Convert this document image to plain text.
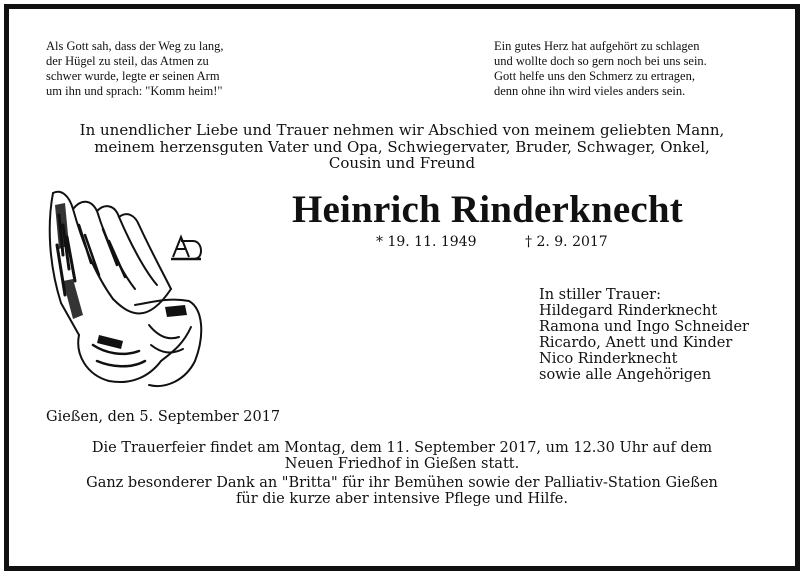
Als Gott sah, dass der Weg zu lang,
der Hügel zu steil, das Atmen zu
schwer wurde, legte er seinen Arm
um ihn und sprach: "Komm heim!"
Ein gutes Herz hat aufgehört zu schlagen
und wollte doch so gern noch bei uns sein.
Gott helfe uns den Schmerz zu ertragen,
denn ohne ihn wird vieles anders sein.
In unendlicher Liebe und Trauer nehmen wir Abschied von meinem geliebten Mann,
meinem herzensguten Vater und Opa, Schwiegervater, Bruder, Schwager, Onkel,
Cousin und Freund
Heinrich Rinderknecht
* 19. 11. 1949	† 2. 9. 2017
In stiller Trauer:
Hildegard Rinderknecht
Ramona und Ingo Schneider
Ricardo, Anett und Kinder
Nico Rinderknecht
sowie alle Angehörigen
Gießen, den 5. September 2017
Die Trauerfeier findet am Montag, dem 11. September 2017, um 12.30 Uhr auf dem
Neuen Friedhof in Gießen statt.
Ganz besonderer Dank an "Britta" für ihr Bemühen sowie der Palliativ-Station Gießen
für die kurze aber intensive Pflege und Hilfe.
